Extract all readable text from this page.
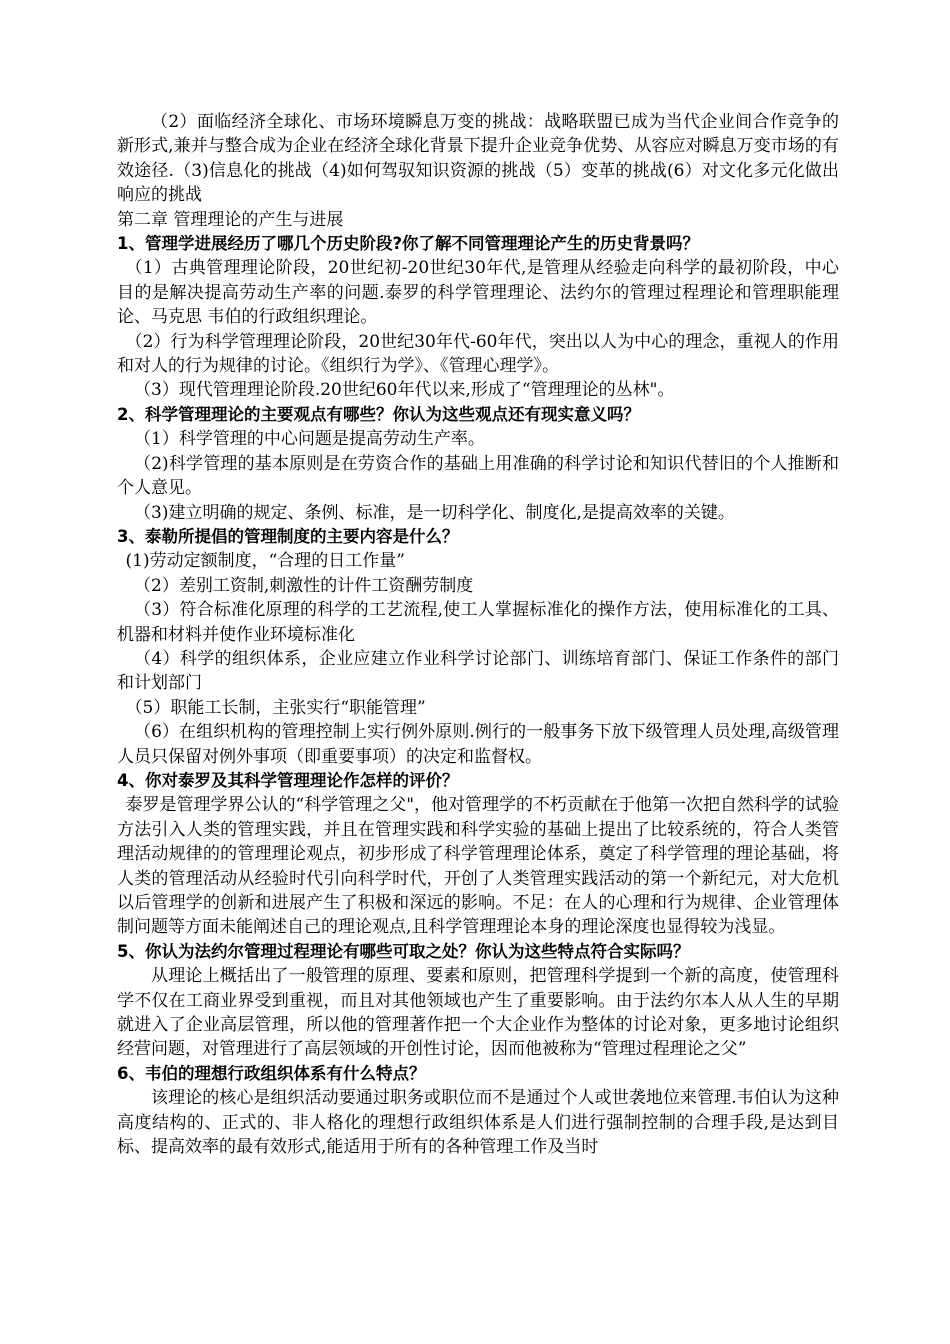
（2）面临经济全球化、市场环境瞬息万变的挑战：战略联盟已成为当代企业间合作竞争的新形式,兼并与整合成为企业在经济全球化背景下提升企业竞争优势、从容应对瞬息万变市场的有效途径.（3)信息化的挑战（4)如何驾驭知识资源的挑战（5）变革的挑战(6）对文化多元化做出响应的挑战

第二章 管理理论的产生与进展

1、管理学进展经历了哪几个历史阶段?你了解不同管理理论产生的历史背景吗？

（1）古典管理理论阶段，20世纪初-20世纪30年代,是管理从经验走向科学的最初阶段，中心目的是解决提高劳动生产率的问题.泰罗的科学管理理论、法约尔的管理过程理论和管理职能理论、马克思 韦伯的行政组织理论。

（2）行为科学管理理论阶段，20世纪30年代-60年代，突出以人为中心的理念，重视人的作用和对人的行为规律的讨论。《组织行为学》、《管理心理学》。

（3）现代管理理论阶段.20世纪60年代以来,形成了“管理理论的丛林"。

2、科学管理理论的主要观点有哪些？你认为这些观点还有现实意义吗？

（1）科学管理的中心问题是提高劳动生产率。

（2)科学管理的基本原则是在劳资合作的基础上用准确的科学讨论和知识代替旧的个人推断和个人意见。

（3)建立明确的规定、条例、标准，是一切科学化、制度化,是提高效率的关键。

3、泰勒所提倡的管理制度的主要内容是什么？

(1)劳动定额制度，“合理的日工作量”

（2）差别工资制,刺激性的计件工资酬劳制度

（3）符合标准化原理的科学的工艺流程,使工人掌握标准化的操作方法，使用标准化的工具、机器和材料并使作业环境标准化

（4）科学的组织体系，企业应建立作业科学讨论部门、训练培育部门、保证工作条件的部门和计划部门

（5）职能工长制，主张实行“职能管理”

（6）在组织机构的管理控制上实行例外原则.例行的一般事务下放下级管理人员处理,高级管理人员只保留对例外事项（即重要事项）的决定和监督权。

4、你对泰罗及其科学管理理论作怎样的评价？

泰罗是管理学界公认的“科学管理之父"，他对管理学的不朽贡献在于他第一次把自然科学的试验方法引入人类的管理实践，并且在管理实践和科学实验的基础上提出了比较系统的，符合人类管理活动规律的的管理理论观点，初步形成了科学管理理论体系，奠定了科学管理的理论基础，将人类的管理活动从经验时代引向科学时代，开创了人类管理实践活动的第一个新纪元，对大危机以后管理学的创新和进展产生了积极和深远的影响。不足：在人的心理和行为规律、企业管理体制问题等方面未能阐述自己的理论观点,且科学管理理论本身的理论深度也显得较为浅显。

5、你认为法约尔管理过程理论有哪些可取之处？你认为这些特点符合实际吗？

从理论上概括出了一般管理的原理、要素和原则，把管理科学提到一个新的高度，使管理科学不仅在工商业界受到重视，而且对其他领域也产生了重要影响。由于法约尔本人从人生的早期就进入了企业高层管理，所以他的管理著作把一个大企业作为整体的讨论对象，更多地讨论组织经营问题，对管理进行了高层领域的开创性讨论，因而他被称为“管理过程理论之父”

6、韦伯的理想行政组织体系有什么特点？

该理论的核心是组织活动要通过职务或职位而不是通过个人或世袭地位来管理.韦伯认为这种高度结构的、正式的、非人格化的理想行政组织体系是人们进行强制控制的合理手段,是达到目标、提高效率的最有效形式,能适用于所有的各种管理工作及当时
